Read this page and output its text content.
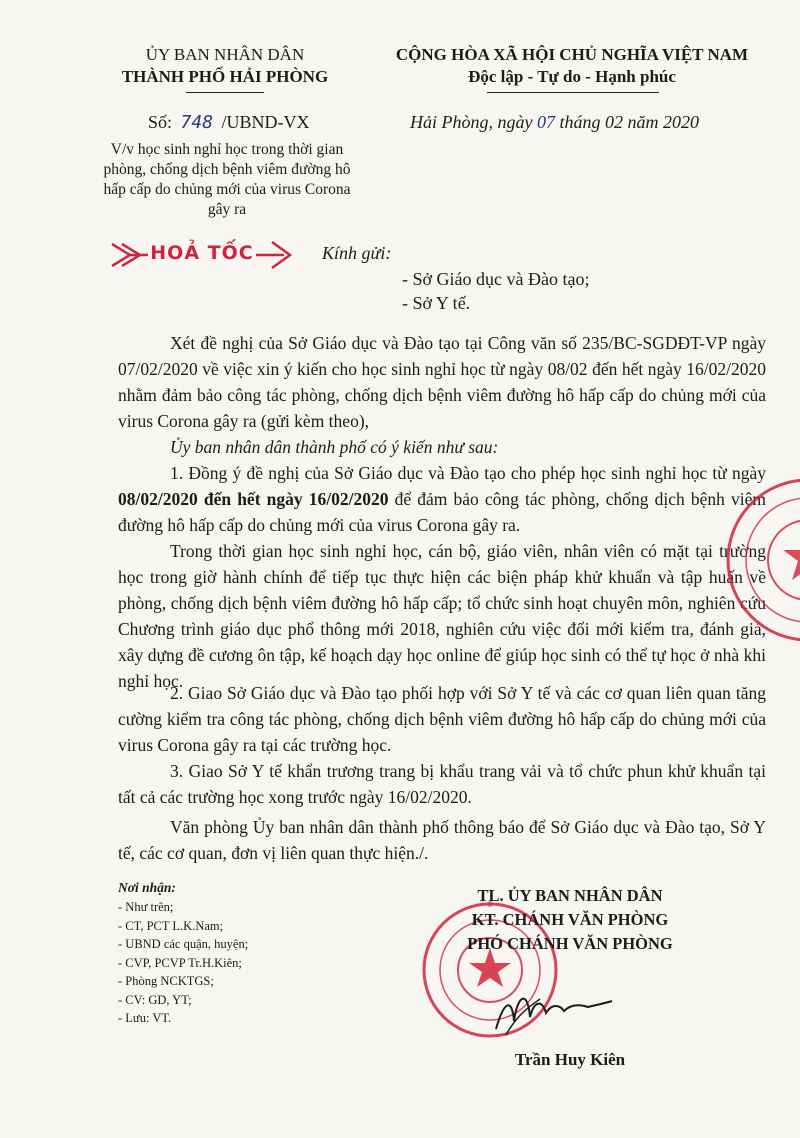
ỦY BAN NHÂN DÂN
THÀNH PHỐ HẢI PHÒNG
CỘNG HÒA XÃ HỘI CHỦ NGHĨA VIỆT NAM
Độc lập - Tự do - Hạnh phúc
Số: 748 /UBND-VX	Hải Phòng, ngày 07 tháng 02 năm 2020
V/v học sinh nghỉ học trong thời gian phòng, chống dịch bệnh viêm đường hô hấp cấp do chủng mới của virus Corona gây ra
HOẢ TỐC	Kính gửi:
- Sở Giáo dục và Đào tạo;
- Sở Y tế.
Xét đề nghị của Sở Giáo dục và Đào tạo tại Công văn số 235/BC-SGDĐT-VP ngày 07/02/2020 về việc xin ý kiến cho học sinh nghỉ học từ ngày 08/02 đến hết ngày 16/02/2020 nhằm đảm bảo công tác phòng, chống dịch bệnh viêm đường hô hấp cấp do chủng mới của virus Corona gây ra (gửi kèm theo),
Ủy ban nhân dân thành phố có ý kiến như sau:
1. Đồng ý đề nghị của Sở Giáo dục và Đào tạo cho phép học sinh nghỉ học từ ngày 08/02/2020 đến hết ngày 16/02/2020 để đảm bảo công tác phòng, chống dịch bệnh viêm đường hô hấp cấp do chủng mới của virus Corona gây ra.
Trong thời gian học sinh nghỉ học, cán bộ, giáo viên, nhân viên có mặt tại trường học trong giờ hành chính để tiếp tục thực hiện các biện pháp khử khuẩn và tập huấn về phòng, chống dịch bệnh viêm đường hô hấp cấp; tổ chức sinh hoạt chuyên môn, nghiên cứu Chương trình giáo dục phổ thông mới 2018, nghiên cứu việc đổi mới kiểm tra, đánh giá, xây dựng đề cương ôn tập, kế hoạch dạy học online để giúp học sinh có thể tự học ở nhà khi nghỉ học.
2. Giao Sở Giáo dục và Đào tạo phối hợp với Sở Y tế và các cơ quan liên quan tăng cường kiểm tra công tác phòng, chống dịch bệnh viêm đường hô hấp cấp do chủng mới của virus Corona gây ra tại các trường học.
3. Giao Sở Y tế khẩn trương trang bị khẩu trang vải và tổ chức phun khử khuẩn tại tất cả các trường học xong trước ngày 16/02/2020.
Văn phòng Ủy ban nhân dân thành phố thông báo để Sở Giáo dục và Đào tạo, Sở Y tế, các cơ quan, đơn vị liên quan thực hiện./.
Nơi nhận:
- Như trên;
- CT, PCT L.K.Nam;
- UBND các quận, huyện;
- CVP, PCVP Tr.H.Kiên;
- Phòng NCKTGS;
- CV: GD, YT;
- Lưu: VT.
TL. ỦY BAN NHÂN DÂN
KT. CHÁNH VĂN PHÒNG
PHÓ CHÁNH VĂN PHÒNG
Trần Huy Kiên
